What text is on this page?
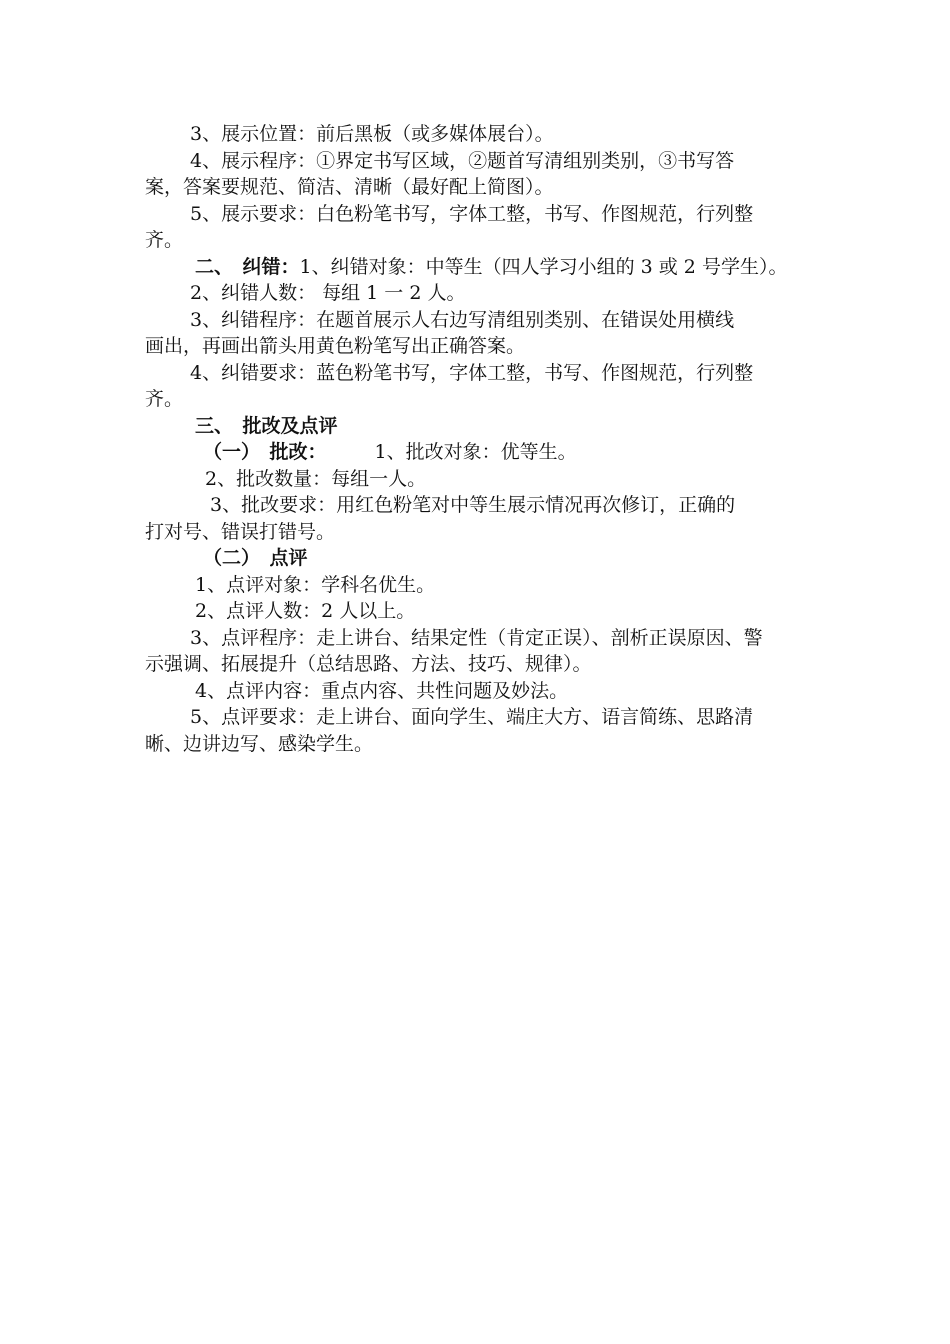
3、展示位置：前后黑板（或多媒体展台）。
4、展示程序：①界定书写区域，②题首写清组别类别，③书写答
案，答案要规范、简洁、清晰（最好配上简图）。
5、展示要求：白色粉笔书写，字体工整，书写、作图规范，行列整
齐。
二、　纠错：1、纠错对象：中等生（四人学习小组的 3 或 2 号学生）。
2、纠错人数： 每组 1 一 2 人。
3、纠错程序：在题首展示人右边写清组别类别、在错误处用横线
画出，再画出箭头用黄色粉笔写出正确答案。
4、纠错要求：蓝色粉笔书写，字体工整，书写、作图规范，行列整
齐。
三、　批改及点评
（一）　批改：	1、批改对象：优等生。
2、批改数量：每组一人。
3、批改要求：用红色粉笔对中等生展示情况再次修订，正确的
打对号、错误打错号。
（二）　点评
1、点评对象：学科名优生。
2、点评人数：2 人以上。
3、点评程序：走上讲台、结果定性（肯定正误）、剖析正误原因、警
示强调、拓展提升（总结思路、方法、技巧、规律）。
4、点评内容：重点内容、共性问题及妙法。
5、点评要求：走上讲台、面向学生、端庄大方、语言简练、思路清
晰、边讲边写、感染学生。
